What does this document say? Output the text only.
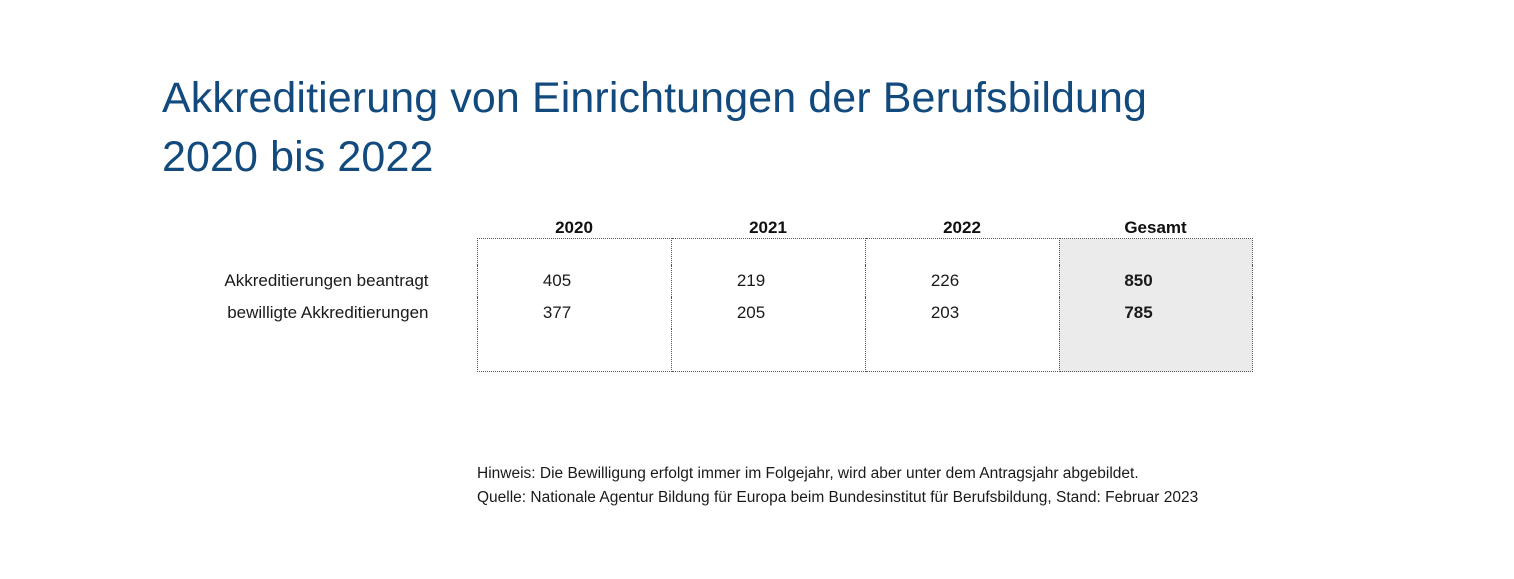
Akkreditierung von Einrichtungen der Berufsbildung
2020 bis 2022
	2020	2021	2022	Gesamt

Akkreditierungen beantragt	405	219	226	850
bewilligte Akkreditierungen	377	205	203	785

Hinweis: Die Bewilligung erfolgt immer im Folgejahr, wird aber unter dem Antragsjahr abgebildet.
Quelle: Nationale Agentur Bildung für Europa beim Bundesinstitut für Berufsbildung, Stand: Februar 2023
